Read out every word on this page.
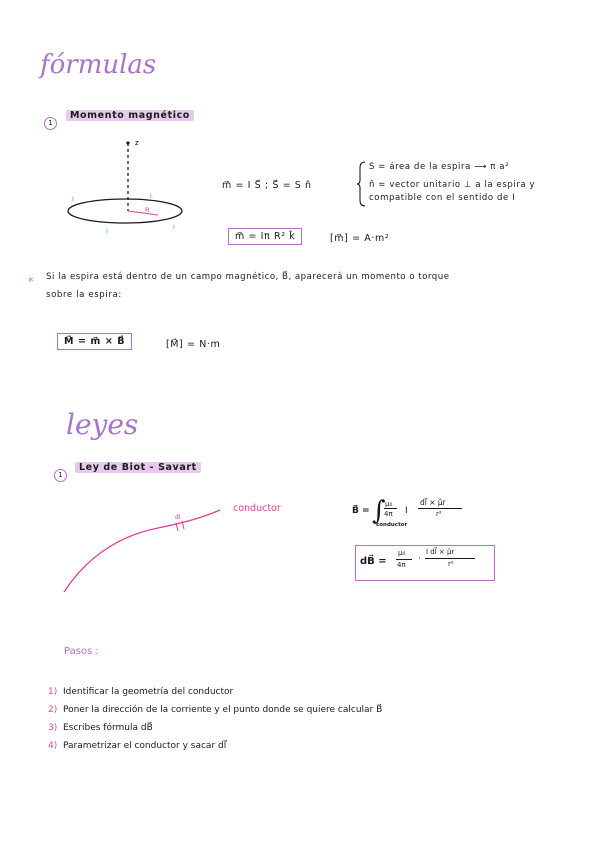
fórmulas
1
Momento magnético
z
R
I	I
I
I
m⃗ = I S⃗ ; S⃗ = S n̂
S = área de la espira ⟶ π a²
n̂ = vector unitario ⊥ a la espira y
compatible con el sentido de I
m⃗ = Iπ R² k̂	[m⃗] = A·m²
* Si la espira está dentro de un campo magnético, B⃗, aparecerá un momento o torque
sobre la espira:
M⃗ = m⃗ × B⃗	[M⃗] = N·m
leyes
1
Ley de Biot - Savart
dl
conductor	B⃗ = ∫
conductor
μ₀
4π I
dl⃗ × μ̂r
r²
dB⃗ =
μ₀
4π
·
I dl⃗ × μ̂r
r²
Pasos :
1) Identificar la geometría del conductor
2) Poner la dirección de la corriente y el punto donde se quiere calcular B⃗
3) Escribes fórmula dB⃗
4) Parametrizar el conductor y sacar dl⃗
